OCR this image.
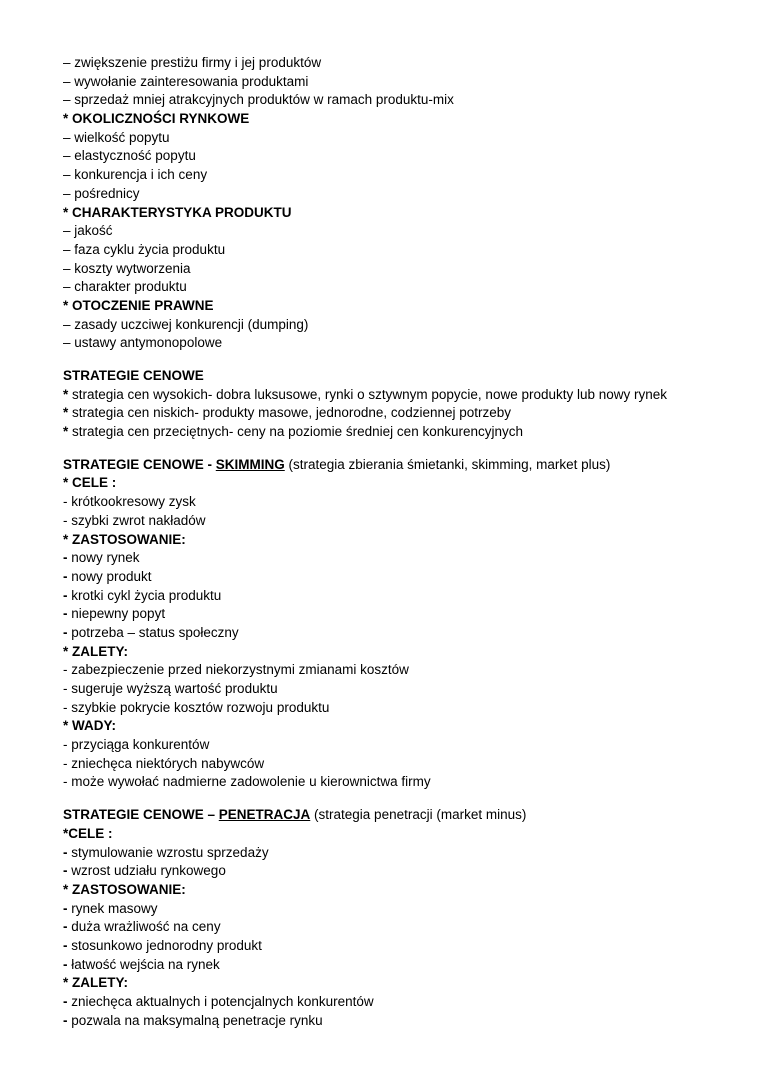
– zwiększenie prestiżu firmy i jej produktów
– wywołanie zainteresowania produktami
– sprzedaż mniej atrakcyjnych produktów w ramach produktu-mix
* OKOLICZNOŚCI RYNKOWE
– wielkość popytu
– elastyczność popytu
– konkurencja i ich ceny
– pośrednicy
* CHARAKTERYSTYKA PRODUKTU
– jakość
– faza cyklu życia produktu
– koszty wytworzenia
– charakter produktu
* OTOCZENIE PRAWNE
– zasady uczciwej konkurencji (dumping)
– ustawy antymonopolowe
STRATEGIE CENOWE
* strategia cen wysokich- dobra luksusowe, rynki o sztywnym popycie, nowe produkty lub nowy rynek
* strategia cen niskich- produkty masowe, jednorodne, codziennej potrzeby
* strategia cen przeciętnych- ceny na poziomie średniej cen konkurencyjnych
STRATEGIE CENOWE - SKIMMING (strategia zbierania śmietanki, skimming, market plus)
* CELE :
- krótkookresowy zysk
- szybki zwrot nakładów
* ZASTOSOWANIE:
- nowy rynek
- nowy produkt
- krotki cykl życia produktu
- niepewny popyt
- potrzeba – status społeczny
* ZALETY:
- zabezpieczenie przed niekorzystnymi zmianami kosztów
- sugeruje wyższą wartość produktu
- szybkie pokrycie kosztów rozwoju produktu
* WADY:
- przyciąga konkurentów
- zniechęca niektórych nabywców
- może wywołać nadmierne zadowolenie u kierownictwa firmy
STRATEGIE CENOWE – PENETRACJA (strategia penetracji (market minus)
*CELE :
- stymulowanie wzrostu sprzedaży
- wzrost udziału rynkowego
* ZASTOSOWANIE:
- rynek masowy
- duża wrażliwość na ceny
- stosunkowo jednorodny produkt
- łatwość wejścia na rynek
* ZALETY:
- zniechęca aktualnych i potencjalnych konkurentów
- pozwala na maksymalną penetracje rynku
